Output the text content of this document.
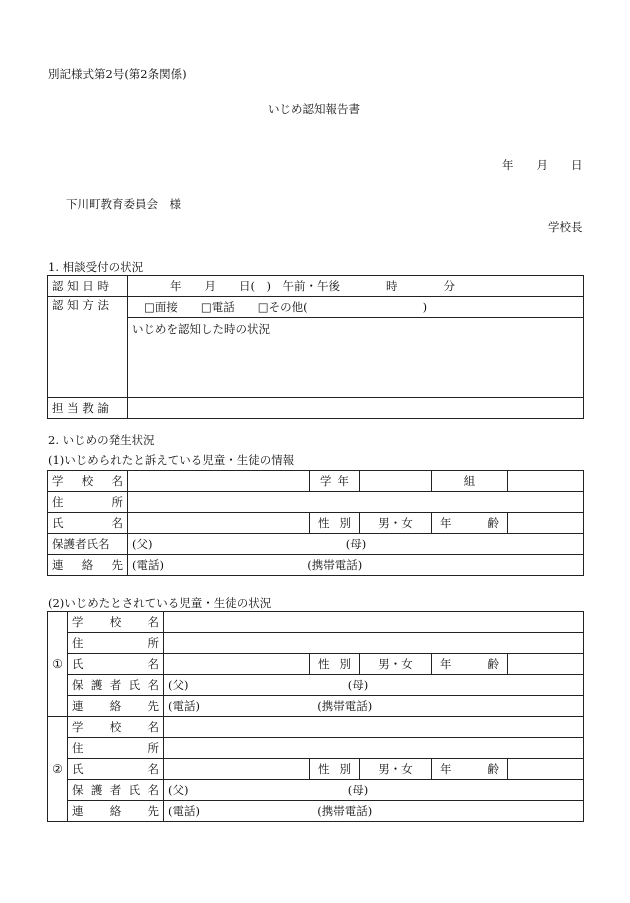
別記様式第2号(第2条関係)
いじめ認知報告書
年　　月　　日
下川町教育委員会　様
学校長
1. 相談受付の状況
認 知 日 時	年　　月　　日(　)　午前・午後　　　　時　　　　分
認 知 方 法	□面接　　□電話　　□その他(　　　　　　　　　　)
	いじめを認知した時の状況
担 当 教 諭	
2. いじめの発生状況
(1)いじめられたと訴えている児童・生徒の情報
学 校 名		学 年		組	

住 所					

氏 名		性 別	男・女	年 齢	

保護者氏名	(父) (母)				

連 絡 先	(電話) (携帯電話)				
(2)いじめたとされている児童・生徒の状況
①	学 校 名					

	住 所					

	氏 名		性 別	男・女	年 齢	

	保 護 者 氏 名	(父) (母)				

	連 絡 先	(電話) (携帯電話)				
②	学 校 名					

	住 所					

	氏 名		性 別	男・女	年 齢	

	保 護 者 氏 名	(父) (母)				

	連 絡 先	(電話) (携帯電話)				
